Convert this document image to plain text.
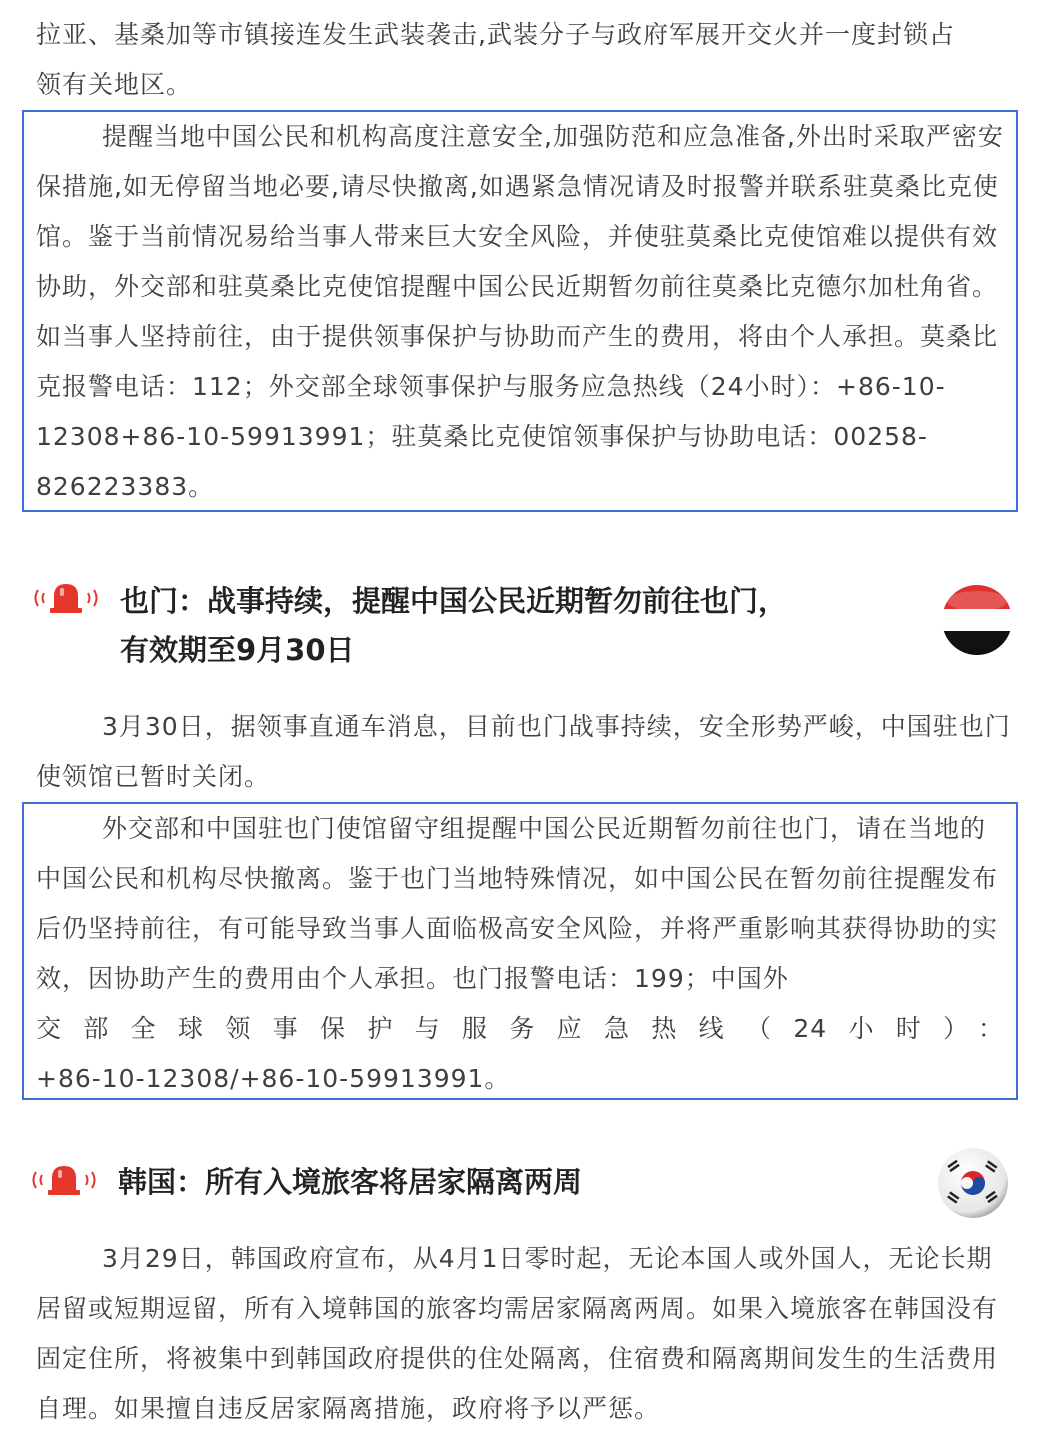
拉亚、基桑加等市镇接连发生武装袭击,武装分子与政府军展开交火并一度封锁占

领有关地区。

提醒当地中国公民和机构高度注意安全,加强防范和应急准备,外出时采取严密安保措施,如无停留当地必要,请尽快撤离,如遇紧急情况请及时报警并联系驻莫桑比克使馆。鉴于当前情况易给当事人带来巨大安全风险，并使驻莫桑比克使馆难以提供有效协助，外交部和驻莫桑比克使馆提醒中国公民近期暂勿前往莫桑比克德尔加杜角省。如当事人坚持前往，由于提供领事保护与协助而产生的费用，将由个人承担。莫桑比克报警电话：112；外交部全球领事保护与服务应急热线（24小时）：+86-10-12308+86-10-59913991；驻莫桑比克使馆领事保护与协助电话：00258-826223383。

也门：战事持续，提醒中国公民近期暂勿前往也门，

有效期至9月30日

3月30日，据领事直通车消息，目前也门战事持续，安全形势严峻，中国驻也门使领馆已暂时关闭。

外交部和中国驻也门使馆留守组提醒中国公民近期暂勿前往也门，请在当地的中国公民和机构尽快撤离。鉴于也门当地特殊情况，如中国公民在暂勿前往提醒发布后仍坚持前往，有可能导致当事人面临极高安全风险，并将严重影响其获得协助的实效，因协助产生的费用由个人承担。也门报警电话：199；中国外

交部全球领事保护与服务应急热线（24小时）：

+86-10-12308/+86-10-59913991。

韩国：所有入境旅客将居家隔离两周

3月29日，韩国政府宣布，从4月1日零时起，无论本国人或外国人，无论长期居留或短期逗留，所有入境韩国的旅客均需居家隔离两周。如果入境旅客在韩国没有固定住所，将被集中到韩国政府提供的住处隔离，住宿费和隔离期间发生的生活费用自理。如果擅自违反居家隔离措施，政府将予以严惩。
